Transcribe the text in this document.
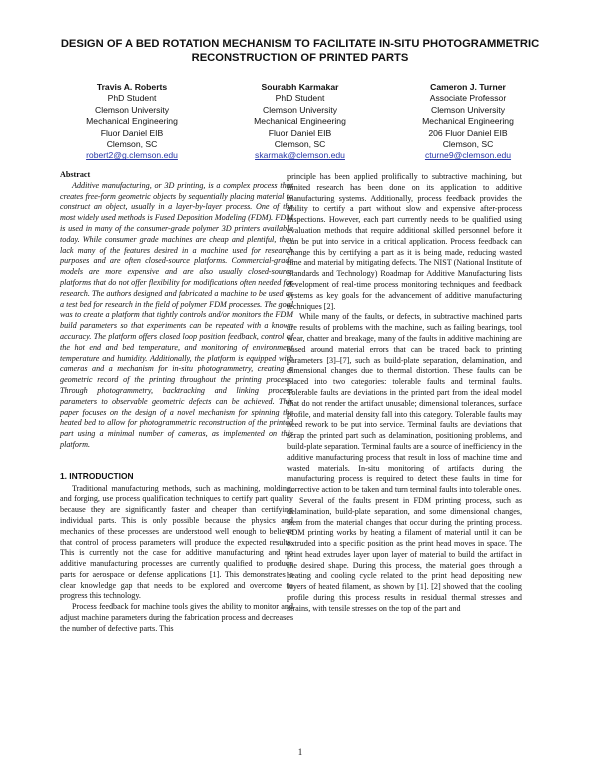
DESIGN OF A BED ROTATION MECHANISM TO FACILITATE IN-SITU PHOTOGRAMMETRIC
RECONSTRUCTION OF PRINTED PARTS
Travis A. Roberts
PhD Student
Clemson University
Mechanical Engineering
Fluor Daniel EIB
Clemson, SC
robert2@g.clemson.edu
Sourabh Karmakar
PhD Student
Clemson University
Mechanical Engineering
Fluor Daniel EIB
Clemson, SC
skarmak@clemson.edu
Cameron J. Turner
Associate Professor
Clemson University
Mechanical Engineering
206 Fluor Daniel EIB
Clemson, SC
cturne9@clemson.edu

Abstract

Additive manufacturing, or 3D printing, is a complex process that creates free-form geometric objects by sequentially placing material to construct an object, usually in a layer-by-layer process. One of the most widely used methods is Fused Deposition Modeling (FDM). FDM is used in many of the consumer-grade polymer 3D printers available today. While consumer grade machines are cheap and plentiful, they lack many of the features desired in a machine used for research purposes and are often closed-source platforms. Commercial-grade models are more expensive and are also usually closed-source platforms that do not offer flexibility for modifications often needed for research. The authors designed and fabricated a machine to be used as a test bed for research in the field of polymer FDM processes. The goal was to create a platform that tightly controls and/or monitors the FDM build parameters so that experiments can be repeated with a known accuracy. The platform offers closed loop position feedback, control of the hot end and bed temperature, and monitoring of environment temperature and humidity. Additionally, the platform is equipped with cameras and a mechanism for in-situ photogrammetry, creating a geometric record of the printing throughout the printing process. Through photogrammetry, backtracking and linking process parameters to observable geometric defects can be achieved. This paper focuses on the design of a novel mechanism for spinning the heated bed to allow for photogrammetric reconstruction of the printed part using a minimal number of cameras, as implemented on this platform.

1. INTRODUCTION

Traditional manufacturing methods, such as machining, molding, and forging, use process qualification techniques to certify part quality because they are significantly faster and cheaper than certifying individual parts. This is only possible because the physics and mechanics of these processes are understood well enough to believe that control of process parameters will produce the expected results. This is currently not the case for additive manufacturing and no additive manufacturing processes are currently qualified to produce parts for aerospace or defense applications [1]. This demonstrates a clear knowledge gap that needs to be explored and overcome to progress this technology.

Process feedback for machine tools gives the ability to monitor and adjust machine parameters during the fabrication process and decreases the number of defective parts. This

principle has been applied prolifically to subtractive machining, but limited research has been done on its application to additive manufacturing systems. Additionally, process feedback provides the ability to certify a part without slow and expensive after-process inspections. However, each part currently needs to be qualified using evaluation methods that require additional skilled personnel before it can be put into service in a critical application. Process feedback can change this by certifying a part as it is being made, reducing wasted time and material by mitigating defects. The NIST (National Institute of Standards and Technology) Roadmap for Additive Manufacturing lists development of real-time process monitoring techniques and feedback systems as key goals for the advancement of additive manufacturing techniques [2].

While many of the faults, or defects, in subtractive machined parts are results of problems with the machine, such as failing bearings, tool wear, chatter and breakage, many of the faults in additive machining are based around material errors that can be traced back to printing parameters [3]–[7], such as build-plate separation, delamination, and dimensional changes due to thermal distortion. These faults can be placed into two categories: tolerable faults and terminal faults. Tolerable faults are deviations in the printed part from the ideal model that do not render the artifact unusable; dimensional tolerances, surface profile, and material density fall into this category. Tolerable faults may need rework to be put into service. Terminal faults are deviations that scrap the printed part such as delamination, positioning problems, and build-plate separation. Terminal faults are a source of inefficiency in the additive manufacturing process that result in loss of machine time and wasted materials. In-situ monitoring of artifacts during the manufacturing process is required to detect these faults in time for corrective action to be taken and turn terminal faults into tolerable ones.

Several of the faults present in FDM printing process, such as delamination, build-plate separation, and some dimensional changes, stem from the material changes that occur during the printing process. FDM printing works by heating a filament of material until it can be extruded into a specific position as the print head moves in space. The print head extrudes layer upon layer of material to build the artifact in the desired shape. During this process, the material goes through a heating and cooling cycle related to the print head depositing new layers of heated filament, as shown by [1]. [2] showed that the cooling profile during this process results in residual thermal stresses and strains, with tensile stresses on the top of the part and

1
